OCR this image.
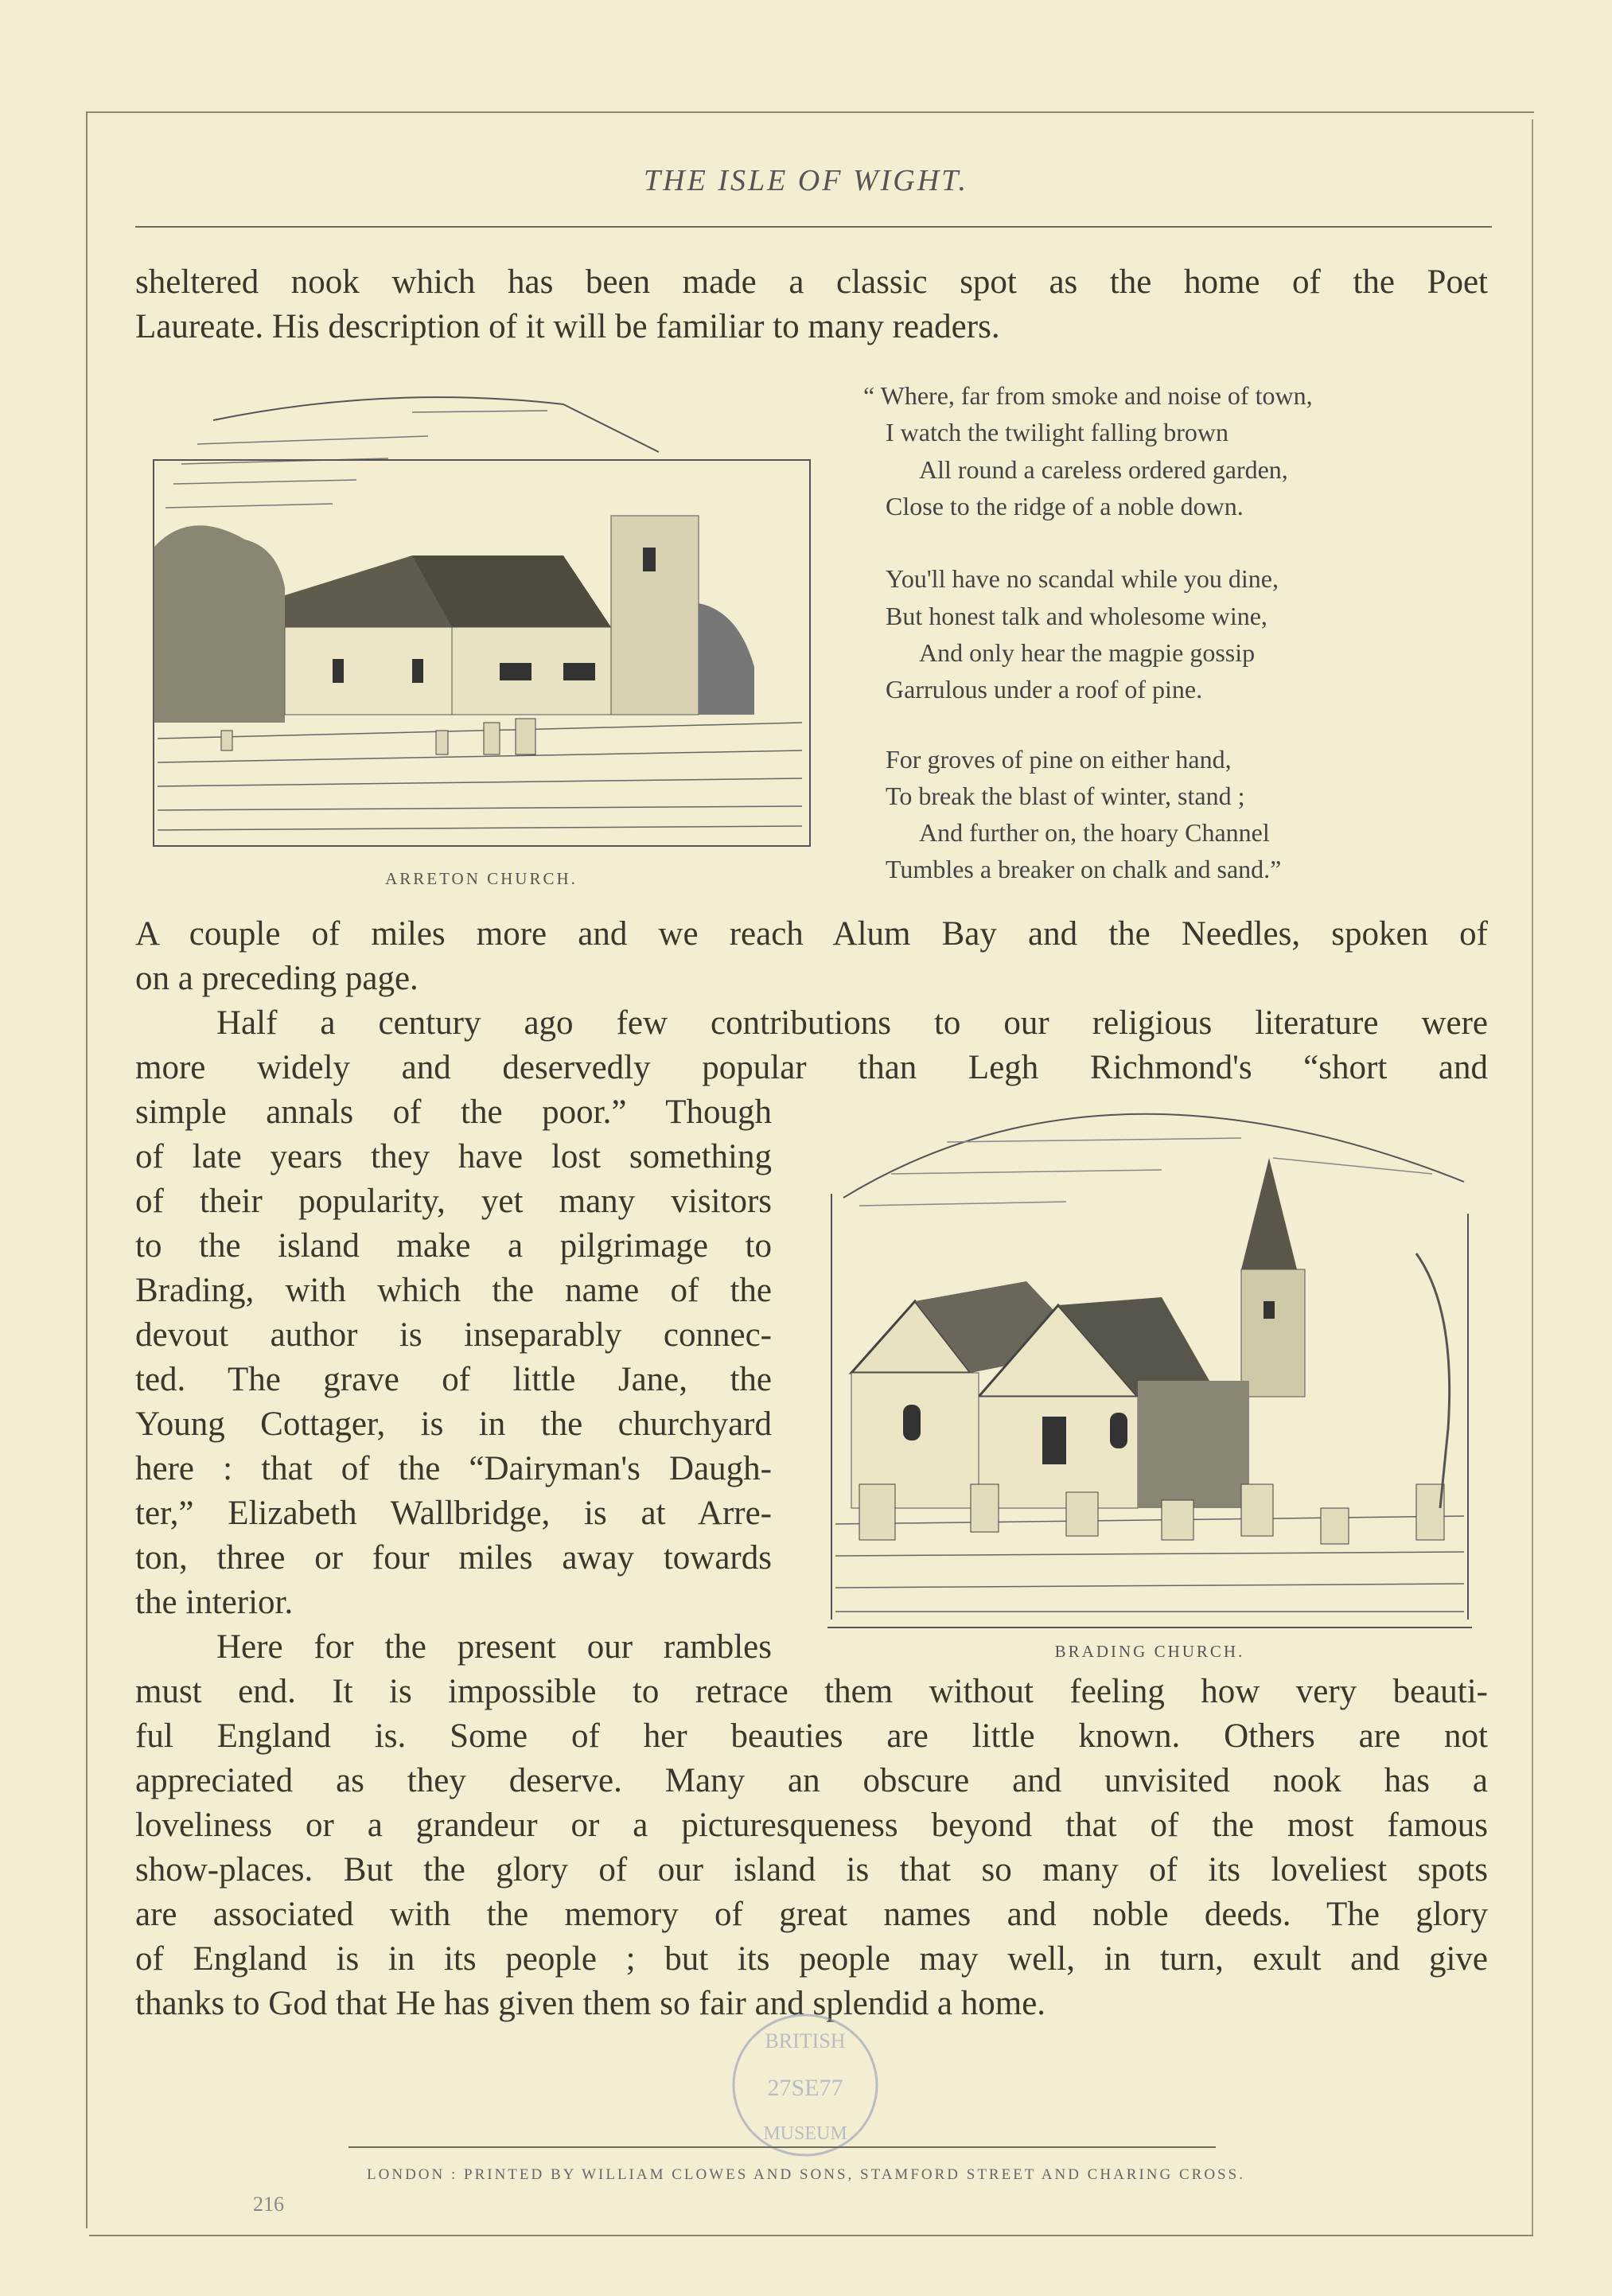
THE ISLE OF WIGHT.
sheltered nook which has been made a classic spot as the home of the Poet
Laureate. His description of it will be familiar to many readers.
ARRETON CHURCH.
“ Where, far from smoke and noise of town,
I watch the twilight falling brown
All round a careless ordered garden,
Close to the ridge of a noble down.
You'll have no scandal while you dine,
But honest talk and wholesome wine,
And only hear the magpie gossip
Garrulous under a roof of pine.
For groves of pine on either hand,
To break the blast of winter, stand ;
And further on, the hoary Channel
Tumbles a breaker on chalk and sand.”
A couple of miles more and we reach Alum Bay and the Needles, spoken of
on a preceding page.
Half a century ago few contributions to our religious literature were
more widely and deservedly popular than Legh Richmond's “short and
simple annals of the poor.” Though
of late years they have lost something
of their popularity, yet many visitors
to the island make a pilgrimage to
Brading, with which the name of the
devout author is inseparably connec-
ted. The grave of little Jane, the
Young Cottager, is in the churchyard
here : that of the “Dairyman's Daugh-
ter,” Elizabeth Wallbridge, is at Arre-
ton, three or four miles away towards
the interior.
Here for the present our rambles
must end. It is impossible to retrace them without feeling how very beauti-
ful England is. Some of her beauties are little known. Others are not
appreciated as they deserve. Many an obscure and unvisited nook has a
loveliness or a grandeur or a picturesqueness beyond that of the most famous
show-places. But the glory of our island is that so many of its loveliest spots
are associated with the memory of great names and noble deeds. The glory
of England is in its people ; but its people may well, in turn, exult and give
thanks to God that He has given them so fair and splendid a home.
BRADING CHURCH.
BRITISH
27SE77
MUSEUM
LONDON : PRINTED BY WILLIAM CLOWES AND SONS, STAMFORD STREET AND CHARING CROSS.
216
